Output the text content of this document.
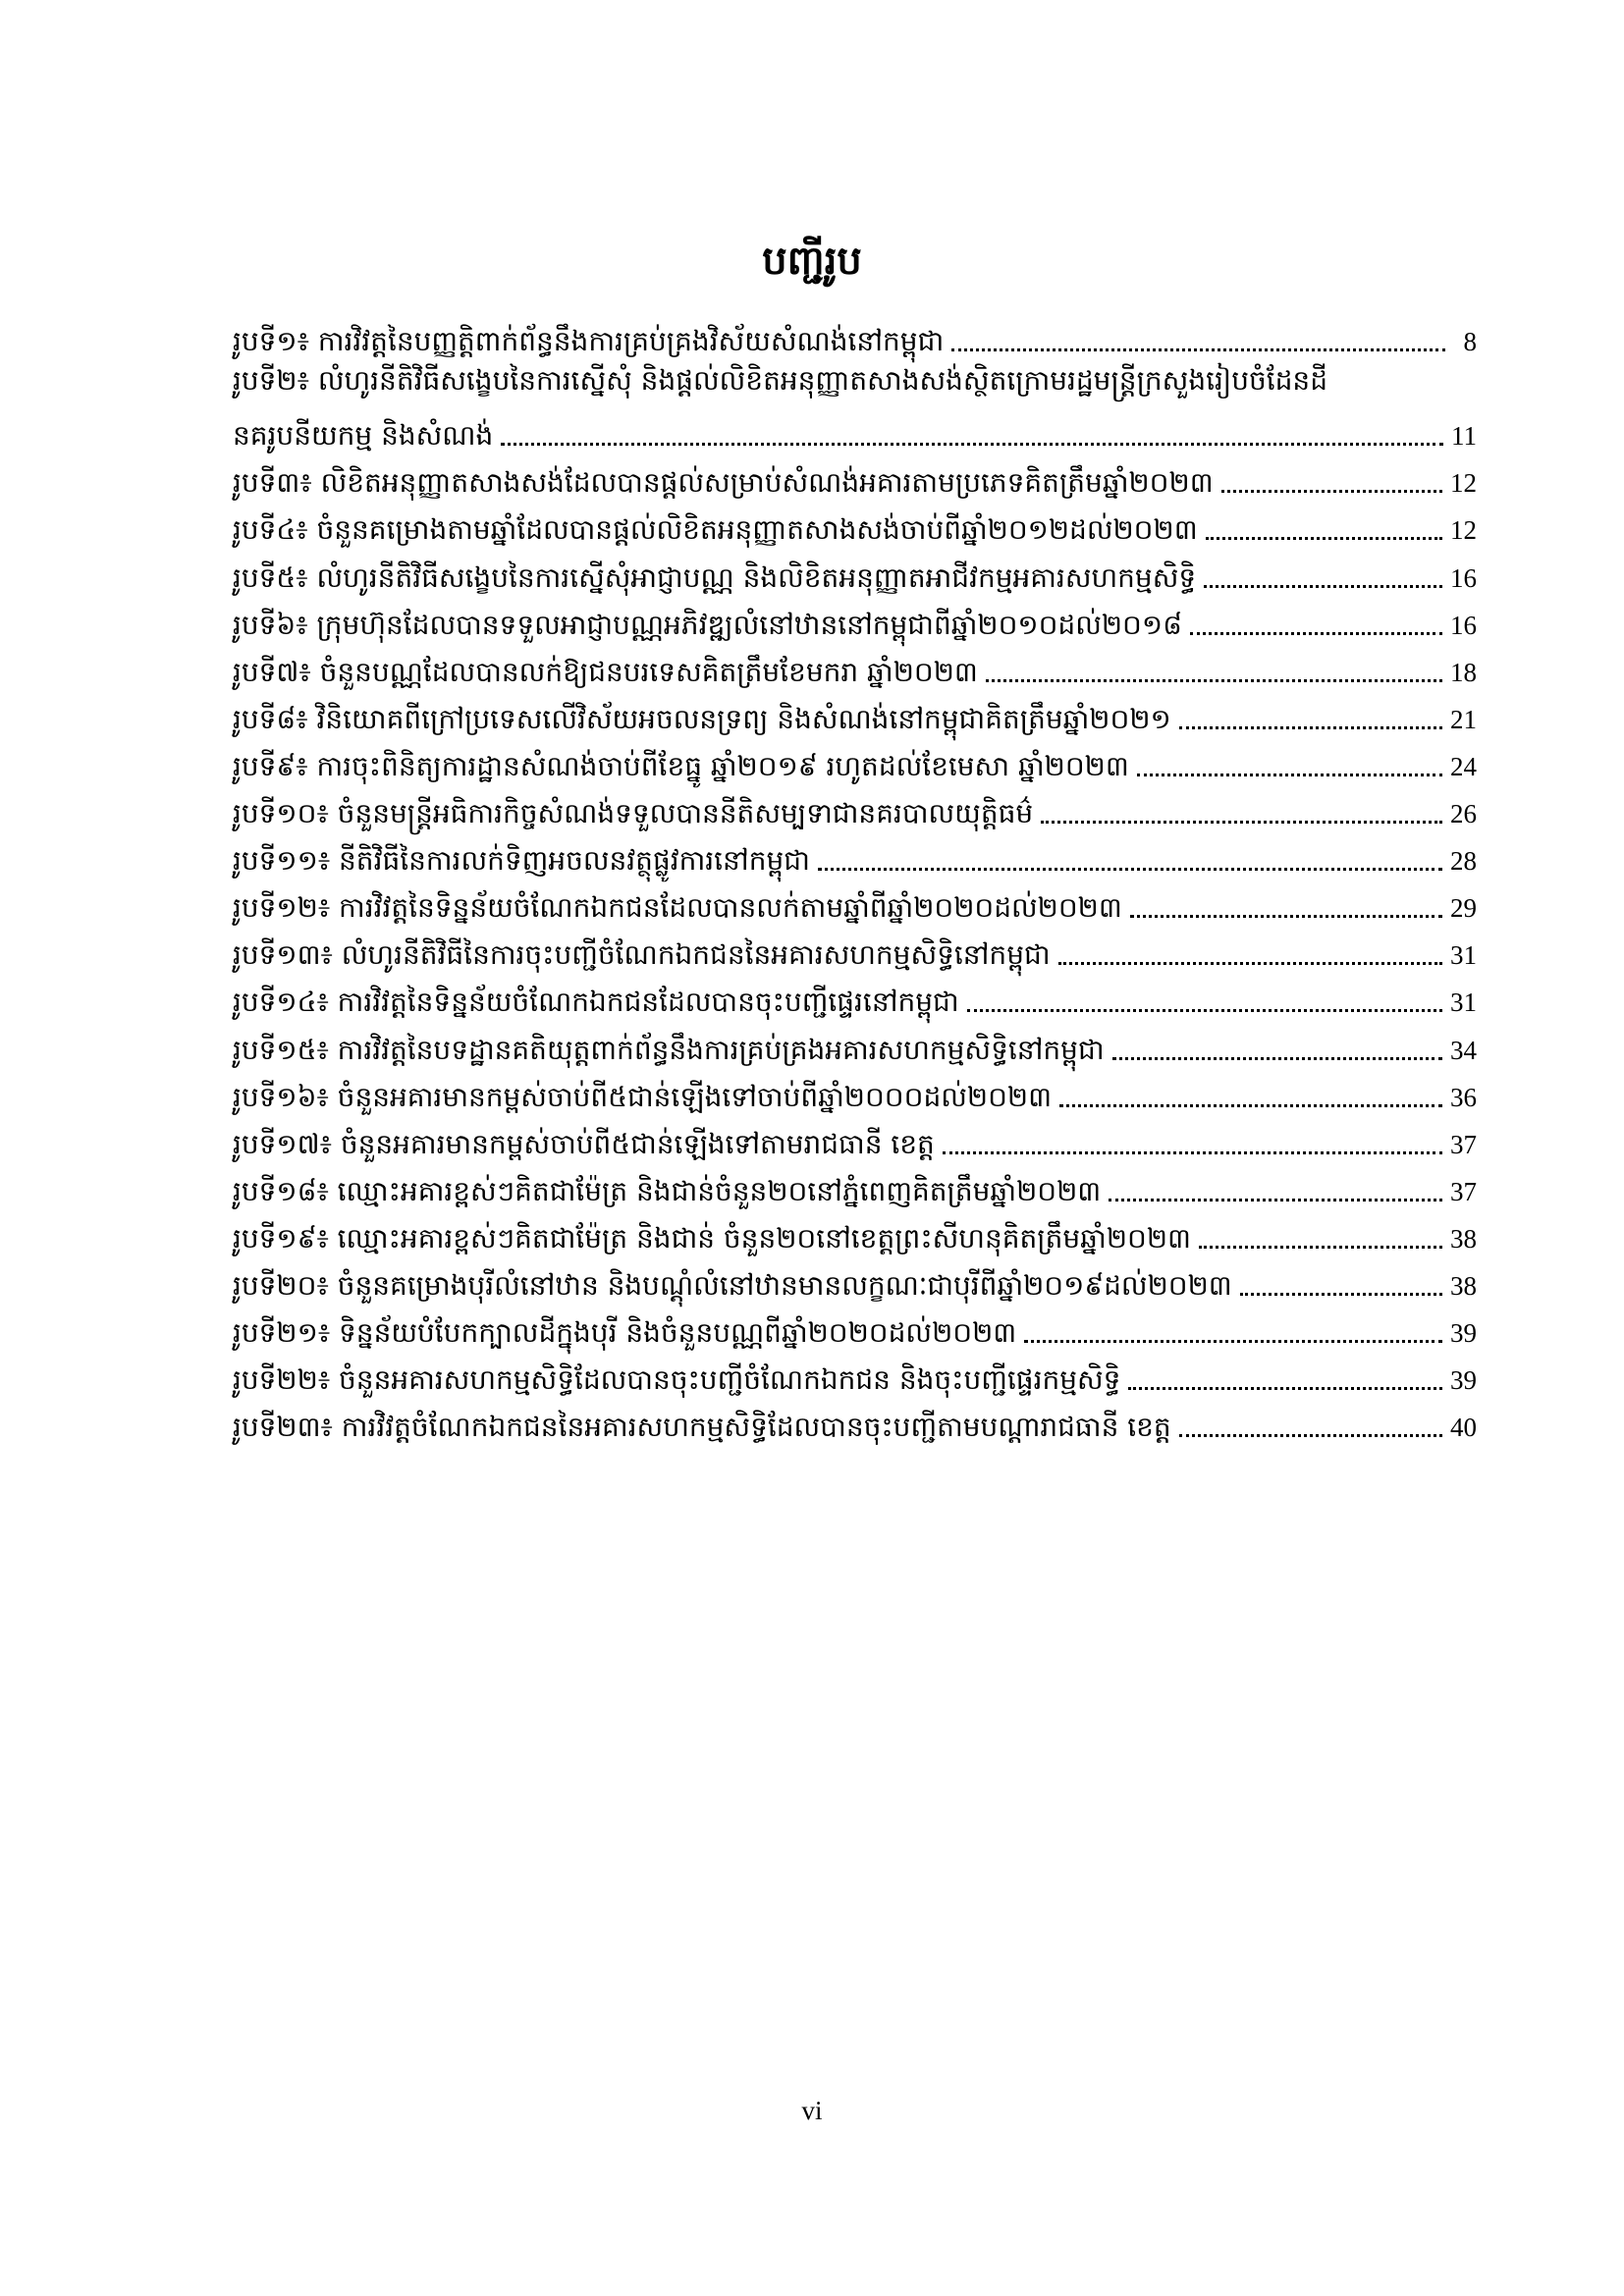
បញ្ជីរូប
រូបទី១៖ ការវិវត្តនៃបញ្ញត្តិពាក់ព័ន្ធនឹងការគ្រប់គ្រងវិស័យសំណង់នៅកម្ពុជា	8
រូបទី២៖ លំហូរនីតិវិធីសង្ខេបនៃការស្នើសុំ និងផ្តល់លិខិតអនុញ្ញាតសាងសង់ស្ថិតក្រោមរដ្ឋមន្ត្រីក្រសួងរៀបចំដែនដី
នគរូបនីយកម្ម និងសំណង់	11
រូបទី៣៖ លិខិតអនុញ្ញាតសាងសង់ដែលបានផ្តល់សម្រាប់សំណង់អគារតាមប្រភេទគិតត្រឹមឆ្នាំ២០២៣	12
រូបទី៤៖ ចំនួនគម្រោងតាមឆ្នាំដែលបានផ្តល់លិខិតអនុញ្ញាតសាងសង់ចាប់ពីឆ្នាំ២០១២ដល់២០២៣	12
រូបទី៥៖ លំហូរនីតិវិធីសង្ខេបនៃការស្នើសុំអាជ្ញាបណ្ណ និងលិខិតអនុញ្ញាតអាជីវកម្មអគារសហកម្មសិទ្ធិ	16
រូបទី៦៖ ក្រុមហ៊ុនដែលបានទទួលអាជ្ញាបណ្ណអភិវឌ្ឍលំនៅឋាននៅកម្ពុជាពីឆ្នាំ២០១០ដល់២០១៨	16
រូបទី៧៖ ចំនួនបណ្ណដែលបានលក់ឱ្យជនបរទេសគិតត្រឹមខែមករា ឆ្នាំ២០២៣	18
រូបទី៨៖ វិនិយោគពីក្រៅប្រទេសលើវិស័យអចលនទ្រព្យ និងសំណង់នៅកម្ពុជាគិតត្រឹមឆ្នាំ២០២១	21
រូបទី៩៖ ការចុះពិនិត្យការដ្ឋានសំណង់ចាប់ពីខែធ្នូ ឆ្នាំ២០១៩ រហូតដល់ខែមេសា ឆ្នាំ២០២៣	24
រូបទី១០៖ ចំនួនមន្ត្រីអធិការកិច្ចសំណង់ទទួលបាននីតិសម្បទាជានគរបាលយុត្តិធម៌	26
រូបទី១១៖ នីតិវិធីនៃការលក់ទិញអចលនវត្ថុផ្លូវការនៅកម្ពុជា	28
រូបទី១២៖ ការវិវត្តនៃទិន្នន័យចំណែកឯកជនដែលបានលក់តាមឆ្នាំពីឆ្នាំ២០២០ដល់២០២៣	29
រូបទី១៣៖ លំហូរនីតិវិធីនៃការចុះបញ្ជីចំណែកឯកជននៃអគារសហកម្មសិទ្ធិនៅកម្ពុជា	31
រូបទី១៤៖ ការវិវត្តនៃទិន្នន័យចំណែកឯកជនដែលបានចុះបញ្ជីផ្ទេរនៅកម្ពុជា	31
រូបទី១៥៖ ការវិវត្តនៃបទដ្ឋានគតិយុត្តពាក់ព័ន្ធនឹងការគ្រប់គ្រងអគារសហកម្មសិទ្ធិនៅកម្ពុជា	34
រូបទី១៦៖ ចំនួនអគារមានកម្ពស់ចាប់ពី៥ជាន់ឡើងទៅចាប់ពីឆ្នាំ២០០០ដល់២០២៣	36
រូបទី១៧៖ ចំនួនអគារមានកម្ពស់ចាប់ពី៥ជាន់ឡើងទៅតាមរាជធានី ខេត្ត	37
រូបទី១៨៖ ឈ្មោះអគារខ្ពស់ៗគិតជាម៉ែត្រ និងជាន់ចំនួន២០នៅភ្នំពេញគិតត្រឹមឆ្នាំ២០២៣	37
រូបទី១៩៖ ឈ្មោះអគារខ្ពស់ៗគិតជាម៉ែត្រ និងជាន់ ចំនួន២០នៅខេត្តព្រះសីហនុគិតត្រឹមឆ្នាំ២០២៣	38
រូបទី២០៖ ចំនួនគម្រោងបុរីលំនៅឋាន និងបណ្តុំលំនៅឋានមានលក្ខណៈជាបុរីពីឆ្នាំ២០១៩ដល់២០២៣	38
រូបទី២១៖ ទិន្នន័យបំបែកក្បាលដីក្នុងបុរី និងចំនួនបណ្ណពីឆ្នាំ២០២០ដល់២០២៣	39
រូបទី២២៖ ចំនួនអគារសហកម្មសិទ្ធិដែលបានចុះបញ្ជីចំណែកឯកជន និងចុះបញ្ជីផ្ទេរកម្មសិទ្ធិ	39
រូបទី២៣៖ ការវិវត្តចំណែកឯកជននៃអគារសហកម្មសិទ្ធិដែលបានចុះបញ្ជីតាមបណ្តារាជធានី ខេត្ត	40
vi
